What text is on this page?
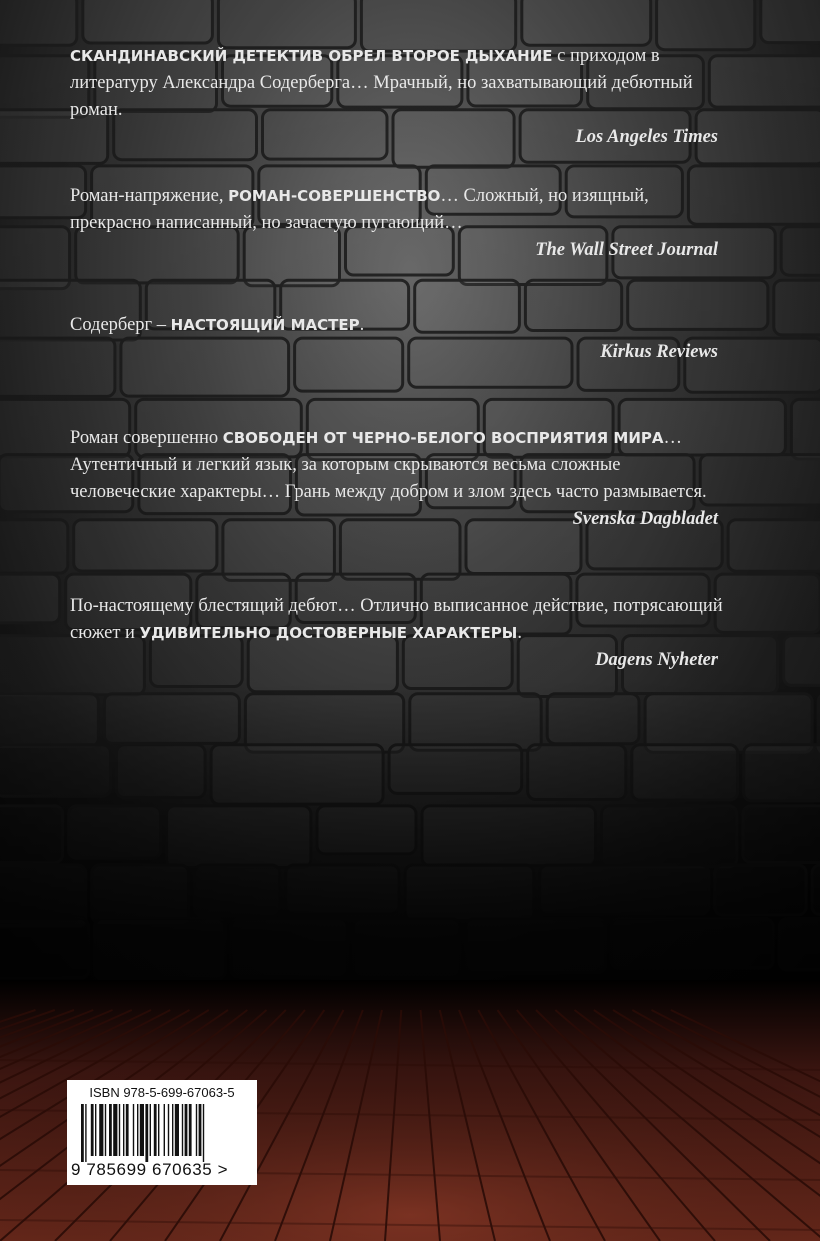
СКАНДИНАВСКИЙ ДЕТЕКТИВ ОБРЕЛ ВТОРОЕ ДЫХАНИЕ с приходом в литературу Александра Содерберга… Мрачный, но захватывающий дебютный роман.

Los Angeles Times

Роман-напряжение, РОМАН-СОВЕРШЕНСТВО… Сложный, но изящный, прекрасно написанный, но зачастую пугающий…

The Wall Street Journal

Содерберг – НАСТОЯЩИЙ МАСТЕР.

Kirkus Reviews

Роман совершенно СВОБОДЕН ОТ ЧЕРНО-БЕЛОГО ВОСПРИЯТИЯ МИРА… Аутентичный и легкий язык, за которым скрываются весьма сложные человеческие характеры… Грань между добром и злом здесь часто размывается.

Svenska Dagbladet

По-настоящему блестящий дебют… Отлично выписанное действие, потрясающий сюжет и УДИВИТЕЛЬНО ДОСТОВЕРНЫЕ ХАРАКТЕРЫ.

Dagens Nyheter

ISBN 978-5-699-67063-5
9 785699 670635 >
